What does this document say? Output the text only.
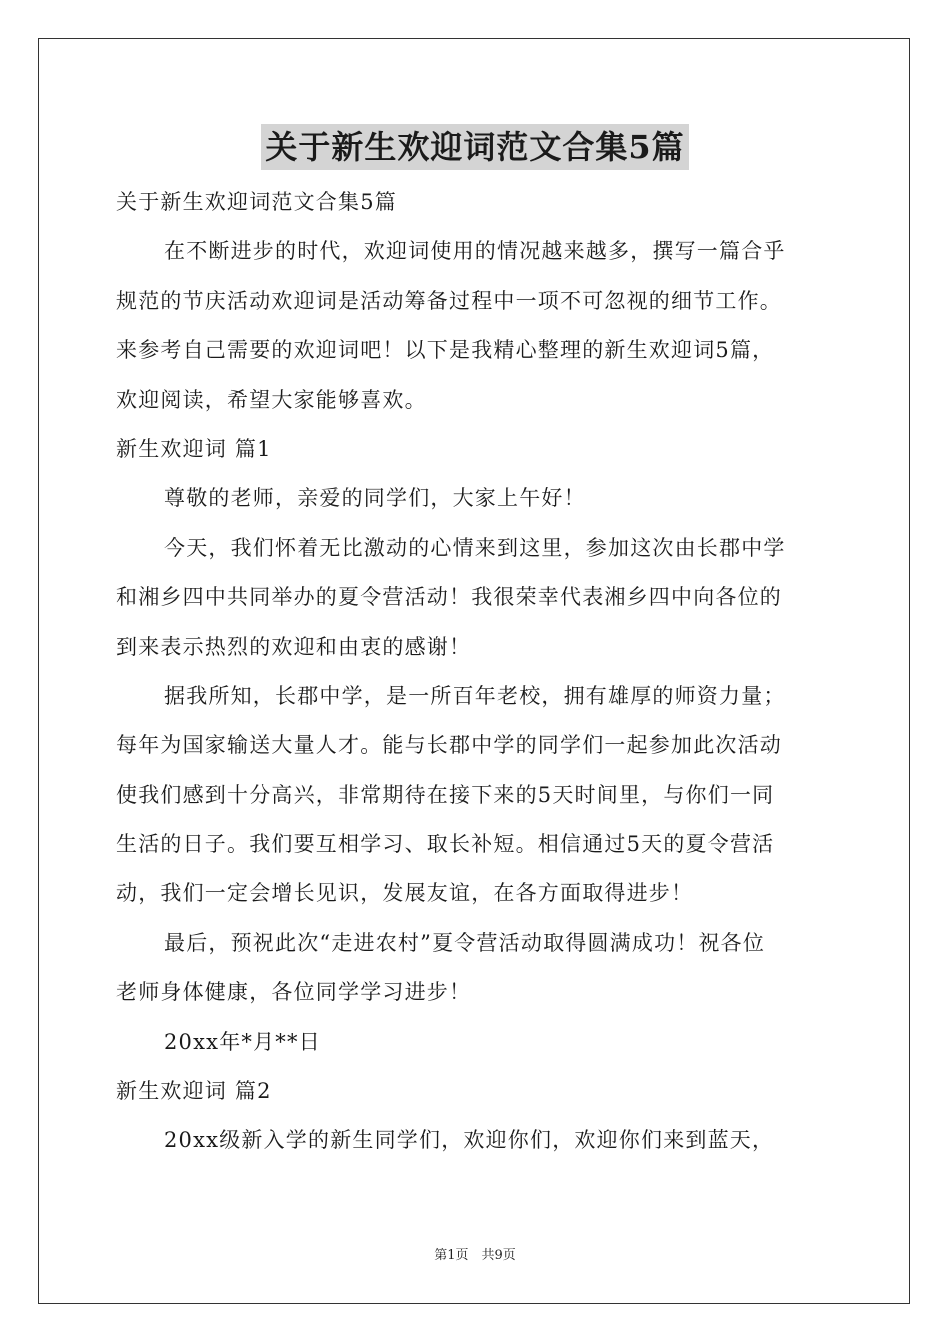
关于新生欢迎词范文合集5篇
关于新生欢迎词范文合集5篇
在不断进步的时代，欢迎词使用的情况越来越多，撰写一篇合乎
规范的节庆活动欢迎词是活动筹备过程中一项不可忽视的细节工作。
来参考自己需要的欢迎词吧！以下是我精心整理的新生欢迎词5篇，
欢迎阅读，希望大家能够喜欢。
新生欢迎词 篇1
尊敬的老师，亲爱的同学们，大家上午好！
今天，我们怀着无比激动的心情来到这里，参加这次由长郡中学
和湘乡四中共同举办的夏令营活动！我很荣幸代表湘乡四中向各位的
到来表示热烈的欢迎和由衷的感谢！
据我所知，长郡中学，是一所百年老校，拥有雄厚的师资力量；
每年为国家输送大量人才。能与长郡中学的同学们一起参加此次活动
使我们感到十分高兴，非常期待在接下来的5天时间里，与你们一同
生活的日子。我们要互相学习、取长补短。相信通过5天的夏令营活
动，我们一定会增长见识，发展友谊，在各方面取得进步！
最后，预祝此次“走进农村”夏令营活动取得圆满成功！祝各位
老师身体健康，各位同学学习进步！
20xx年*月**日
新生欢迎词 篇2
20xx级新入学的新生同学们，欢迎你们，欢迎你们来到蓝天，
第1页　共9页
